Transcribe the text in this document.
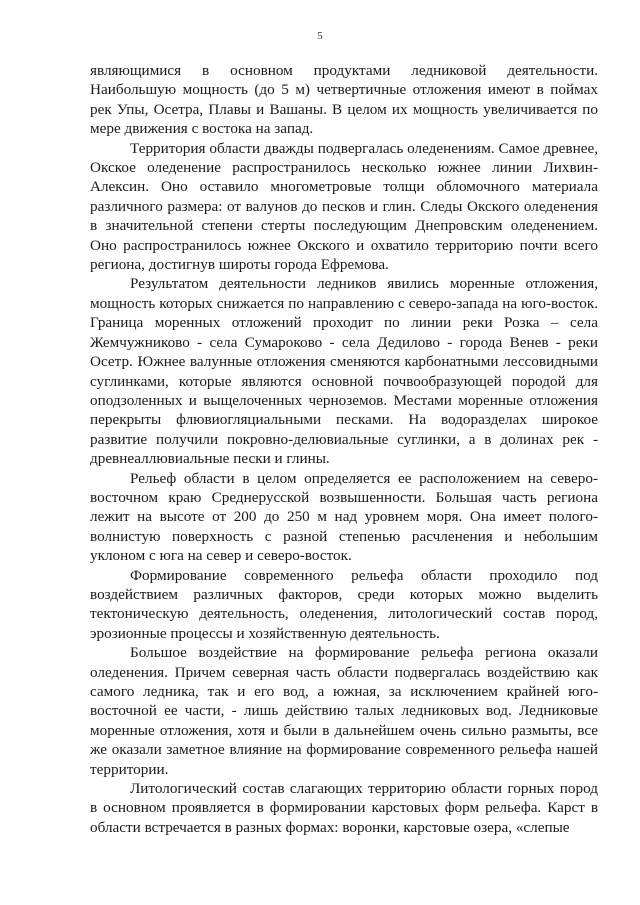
5

являющимися в основном продуктами ледниковой деятельности. Наибольшую мощность (до 5 м) четвертичные отложения имеют в поймах рек Упы, Осетра, Плавы и Вашаны. В целом их мощность увеличивается по мере движения с востока на запад.

Территория области дважды подвергалась оледенениям. Самое древнее, Окское оледенение распространилось несколько южнее линии Лихвин-Алексин. Оно оставило многометровые толщи обломочного материала различного размера: от валунов до песков и глин. Следы Окского оледенения в значительной степени стерты последующим Днепровским оледенением. Оно распространилось южнее Окского и охватило территорию почти всего региона, достигнув широты города Ефремова.

Результатом деятельности ледников явились моренные отложения, мощность которых снижается по направлению с северо-запада на юго-восток. Граница моренных отложений проходит по линии реки Розка – села Жемчужниково - села Сумароково - села Дедилово - города Венев - реки Осетр. Южнее валунные отложения сменяются карбонатными лессовидными суглинками, которые являются основной почвообразующей породой для оподзоленных и выщелоченных черноземов. Местами моренные отложения перекрыты флювиогляциальными песками. На водоразделах широкое развитие получили покровно-делювиальные суглинки, а в долинах рек - древнеаллювиальные пески и глины.

Рельеф области в целом определяется ее расположением на северо-восточном краю Среднерусской возвышенности. Большая часть региона лежит на высоте от 200 до 250 м над уровнем моря. Она имеет полого-волнистую поверхность с разной степенью расчленения и небольшим уклоном с юга на север и северо-восток.

Формирование современного рельефа области проходило под воздействием различных факторов, среди которых можно выделить тектоническую деятельность, оледенения, литологический состав пород, эрозионные процессы и хозяйственную деятельность.

Большое воздействие на формирование рельефа региона оказали оледенения. Причем северная часть области подвергалась воздействию как самого ледника, так и его вод, а южная, за исключением крайней юго-восточной ее части, - лишь действию талых ледниковых вод. Ледниковые моренные отложения, хотя и были в дальнейшем очень сильно размыты, все же оказали заметное влияние на формирование современного рельефа нашей территории.

Литологический состав слагающих территорию области горных пород в основном проявляется в формировании карстовых форм рельефа. Карст в области встречается в разных формах: воронки, карстовые озера, «слепые
